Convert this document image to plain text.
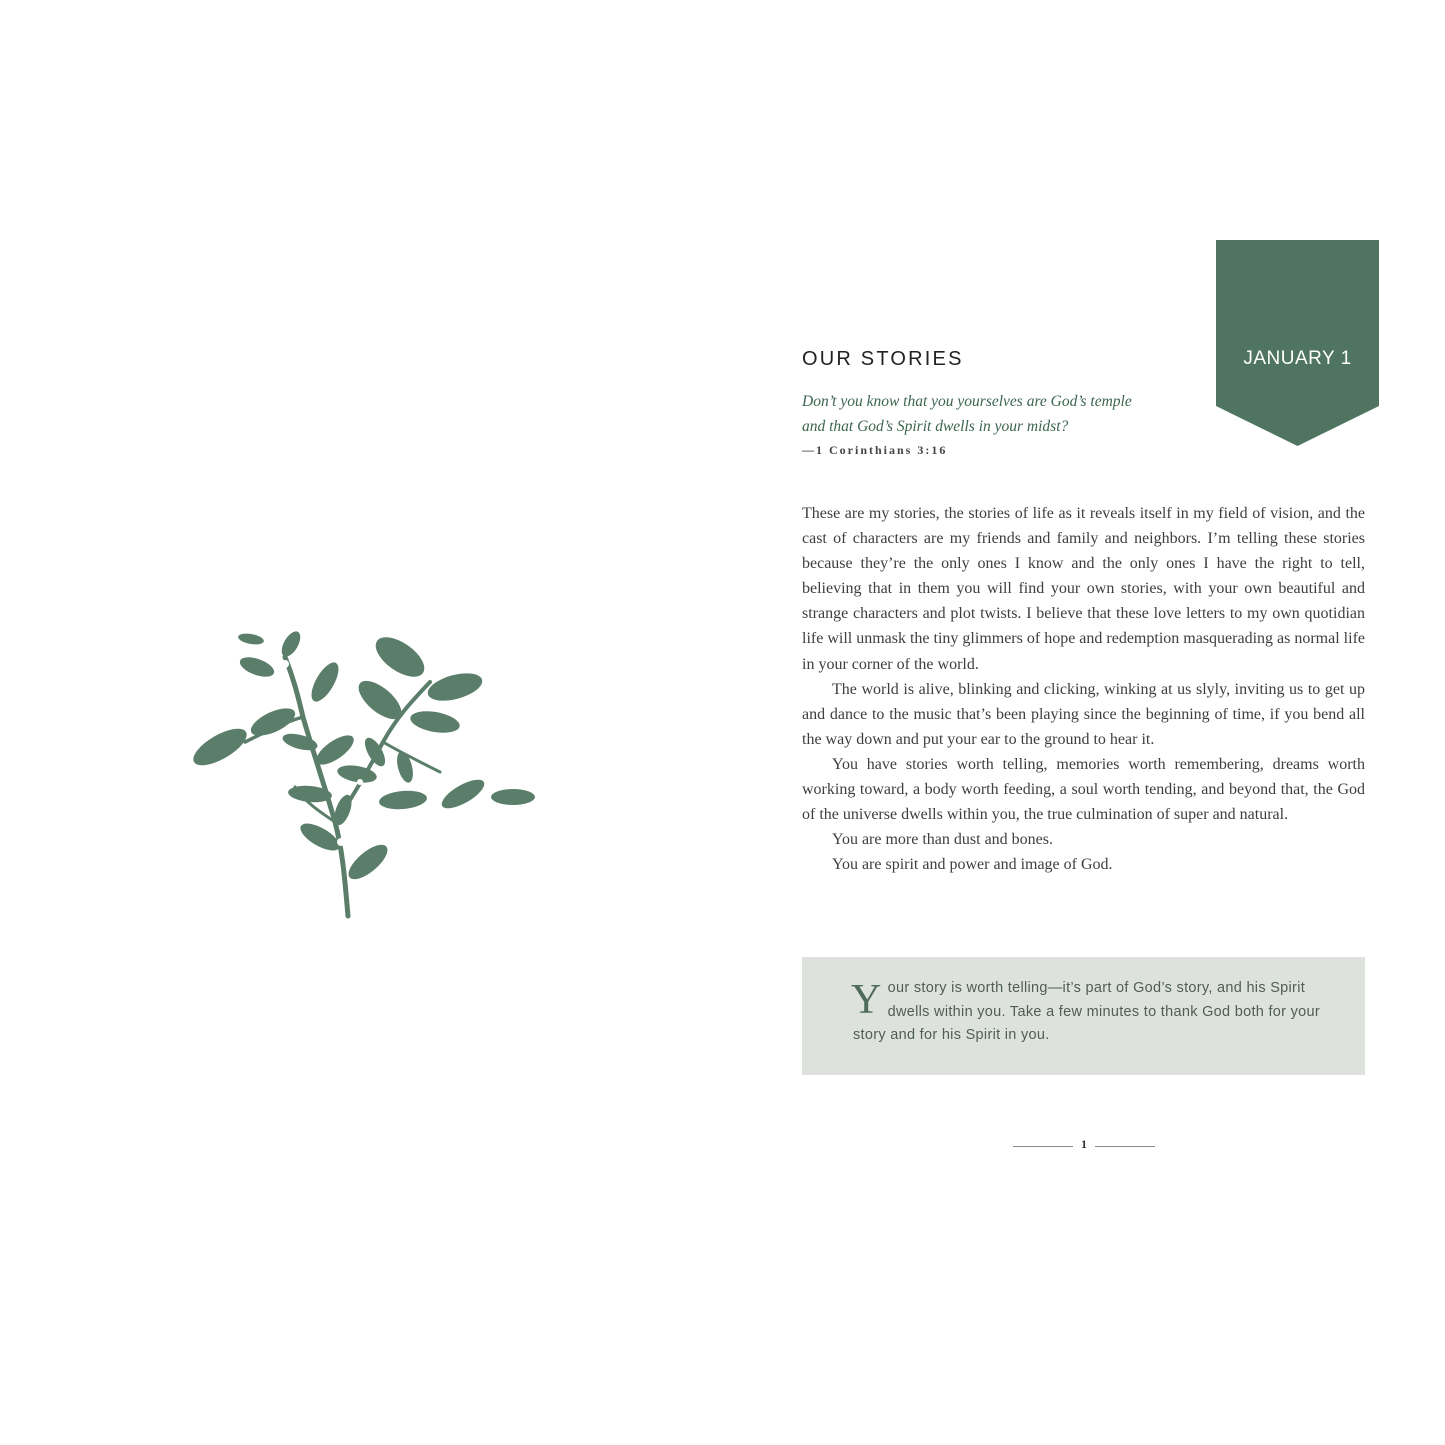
JANUARY 1
OUR STORIES
Don’t you know that you yourselves are God’s temple
and that God’s Spirit dwells in your midst?
—1 Corinthians 3:16

These are my stories, the stories of life as it reveals itself in my field of vision, and the cast of characters are my friends and family and neighbors. I’m telling these stories because they’re the only ones I know and the only ones I have the right to tell, believing that in them you will find your own stories, with your own beautiful and strange characters and plot twists. I believe that these love letters to my own quotidian life will unmask the tiny glimmers of hope and redemption masquerading as normal life in your corner of the world.

The world is alive, blinking and clicking, winking at us slyly, inviting us to get up and dance to the music that’s been playing since the beginning of time, if you bend all the way down and put your ear to the ground to hear it.

You have stories worth telling, memories worth remembering, dreams worth working toward, a body worth feeding, a soul worth tending, and beyond that, the God of the universe dwells within you, the true culmination of super and natural.

You are more than dust and bones.

You are spirit and power and image of God.

Y our story is worth telling—it’s part of God’s story, and his Spirit dwells within you. Take a few minutes to thank God both for your story and for his Spirit in you.
1
